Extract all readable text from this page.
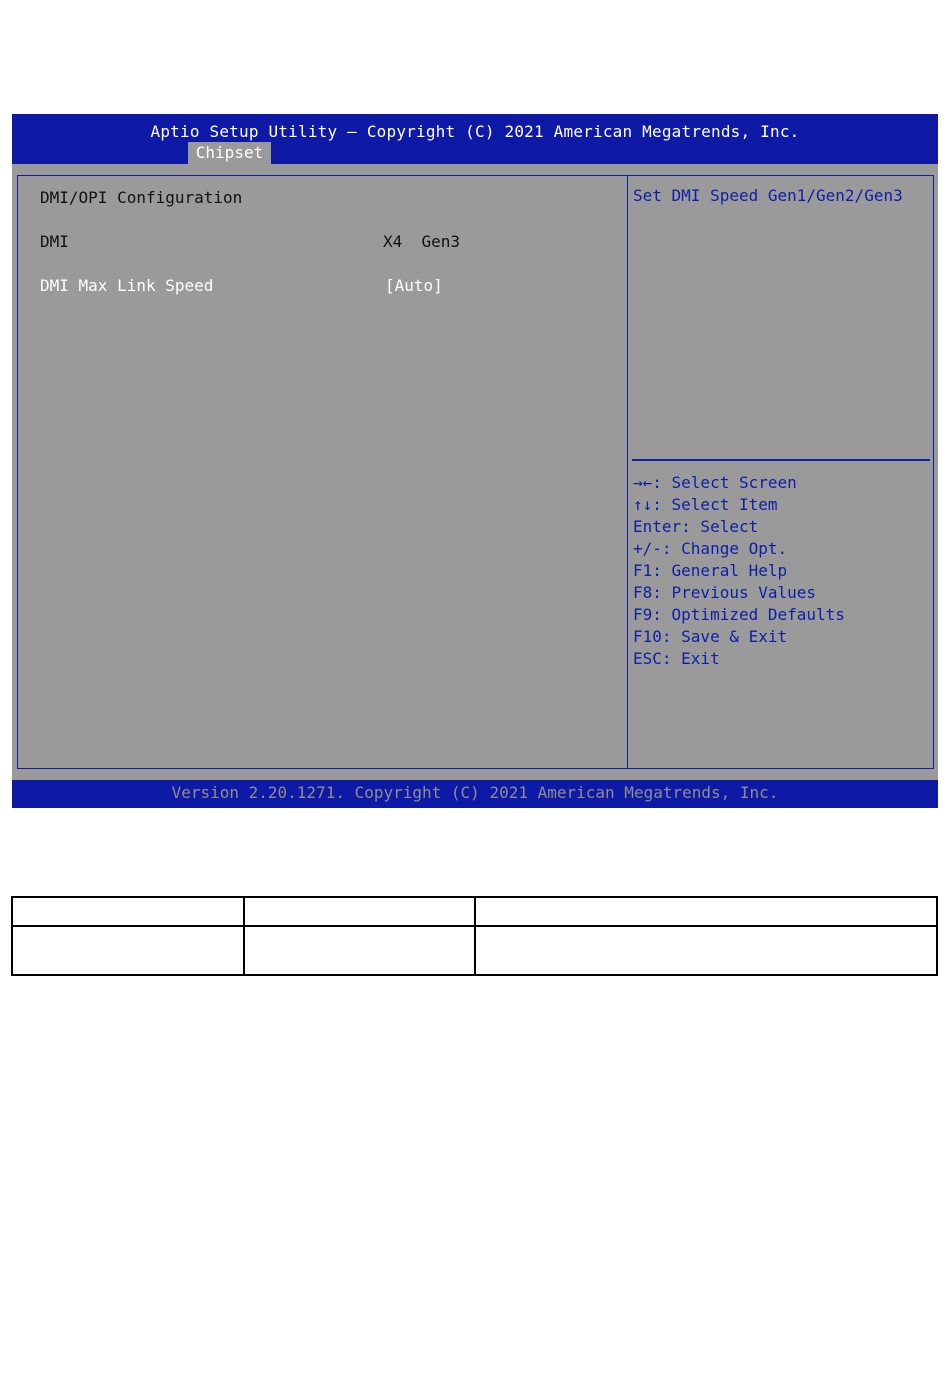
Aptio Setup Utility – Copyright (C) 2021 American Megatrends, Inc.
Chipset
DMI/OPI Configuration
DMI	X4  Gen3
DMI Max Link Speed	[Auto]
Set DMI Speed Gen1/Gen2/Gen3
→←: Select Screen
↑↓: Select Item
Enter: Select
+/-: Change Opt.
F1: General Help
F8: Previous Values
F9: Optimized Defaults
F10: Save & Exit
ESC: Exit
Version 2.20.1271. Copyright (C) 2021 American Megatrends, Inc.
